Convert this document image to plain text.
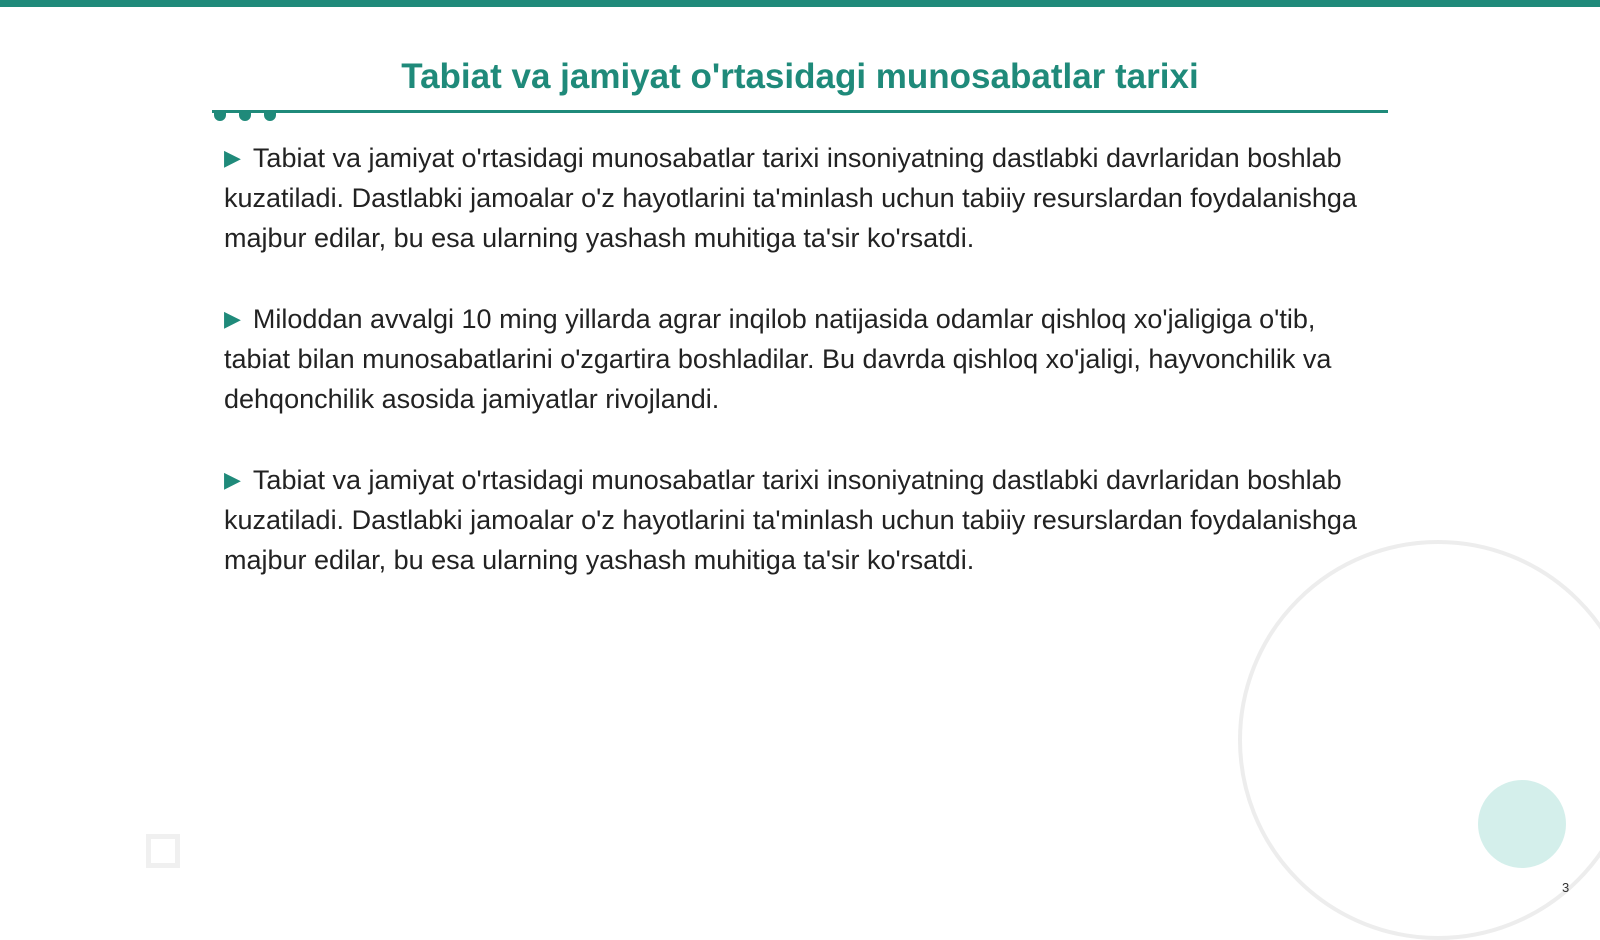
Tabiat va jamiyat o'rtasidagi munosabatlar tarixi

▶ Tabiat va jamiyat o'rtasidagi munosabatlar tarixi insoniyatning dastlabki davrlaridan boshlab kuzatiladi. Dastlabki jamoalar o'z hayotlarini ta'minlash uchun tabiiy resurslardan foydalanishga majbur edilar, bu esa ularning yashash muhitiga ta'sir ko'rsatdi.

▶ Miloddan avvalgi 10 ming yillarda agrar inqilob natijasida odamlar qishloq xo'jaligiga o'tib, tabiat bilan munosabatlarini o'zgartira boshladilar. Bu davrda qishloq xo'jaligi, hayvonchilik va dehqonchilik asosida jamiyatlar rivojlandi.

▶ Tabiat va jamiyat o'rtasidagi munosabatlar tarixi insoniyatning dastlabki davrlaridan boshlab kuzatiladi. Dastlabki jamoalar o'z hayotlarini ta'minlash uchun tabiiy resurslardan foydalanishga majbur edilar, bu esa ularning yashash muhitiga ta'sir ko'rsatdi.

3
